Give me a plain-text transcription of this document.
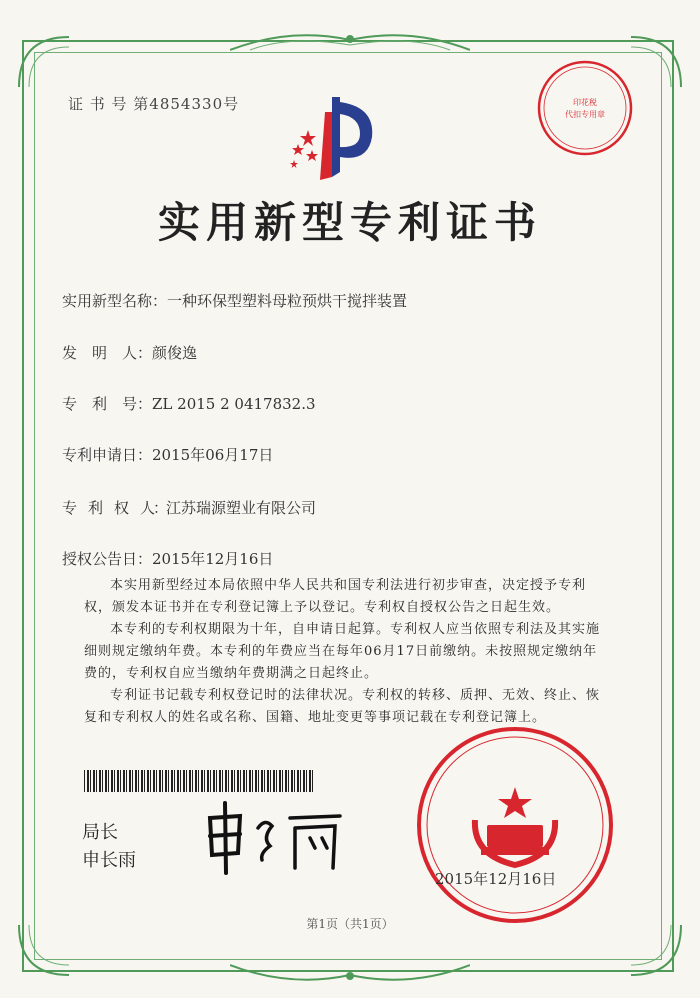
证 书 号 第4854330号	印花税
代扣专用章
实用新型专利证书
实用新型名称：一种环保型塑料母粒预烘干搅拌装置
发　明　人：颜俊逸
专　利　号：ZL 2015 2 0417832.3
专利申请日：2015年06月17日
专　利　权　人：江苏瑞源塑业有限公司
授权公告日：2015年12月16日

本实用新型经过本局依照中华人民共和国专利法进行初步审查，决定授予专利权，颁发本证书并在专利登记簿上予以登记。专利权自授权公告之日起生效。

本专利的专利权期限为十年，自申请日起算。专利权人应当依照专利法及其实施细则规定缴纳年费。本专利的年费应当在每年06月17日前缴纳。未按照规定缴纳年费的，专利权自应当缴纳年费期满之日起终止。

专利证书记载专利权登记时的法律状况。专利权的转移、质押、无效、终止、恢复和专利权人的姓名或名称、国籍、地址变更等事项记载在专利登记簿上。

局长
申长雨
2015年12月16日
第1页（共1页）
